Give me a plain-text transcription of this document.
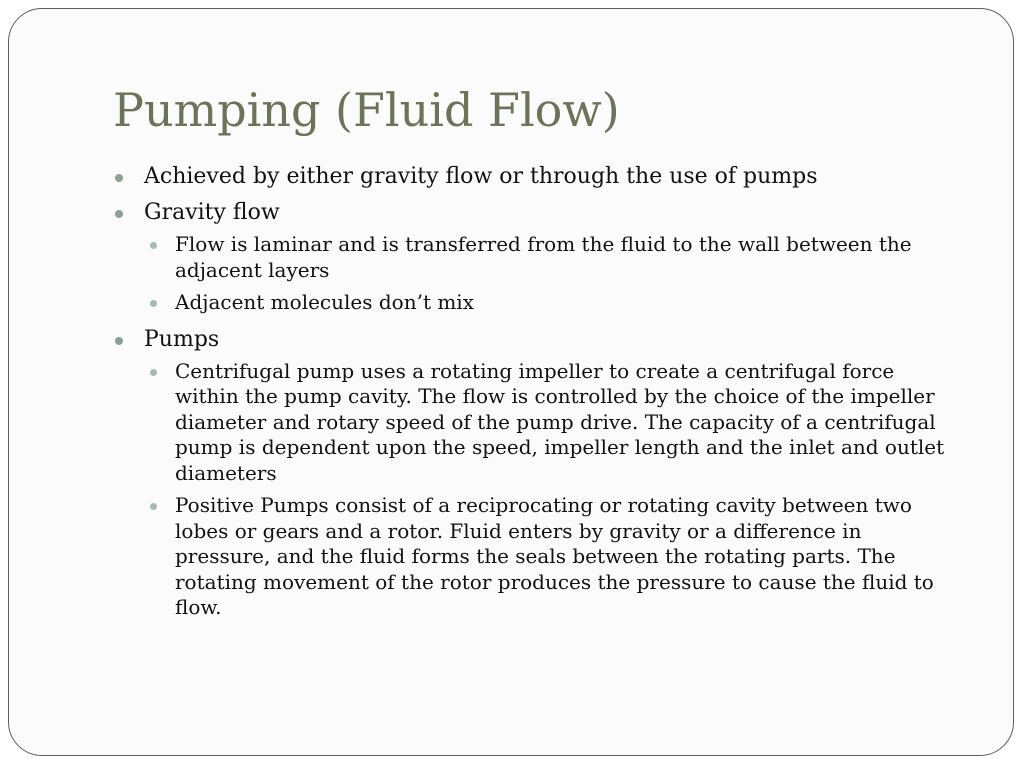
Pumping (Fluid Flow)
Achieved by either gravity flow or through the use of pumps
Gravity flow
Flow is laminar and is transferred from the fluid to the wall between the adjacent layers
Adjacent molecules don’t mix
Pumps
Centrifugal pump uses a rotating impeller to create a centrifugal force within the pump cavity. The flow is controlled by the choice of the impeller diameter and rotary speed of the pump drive. The capacity of a centrifugal pump is dependent upon the speed, impeller length and the inlet and outlet diameters
Positive Pumps consist of a reciprocating or rotating cavity between two lobes or gears and a rotor. Fluid enters by gravity or a difference in pressure, and the fluid forms the seals between the rotating parts. The rotating movement of the rotor produces the pressure to cause the fluid to flow.
